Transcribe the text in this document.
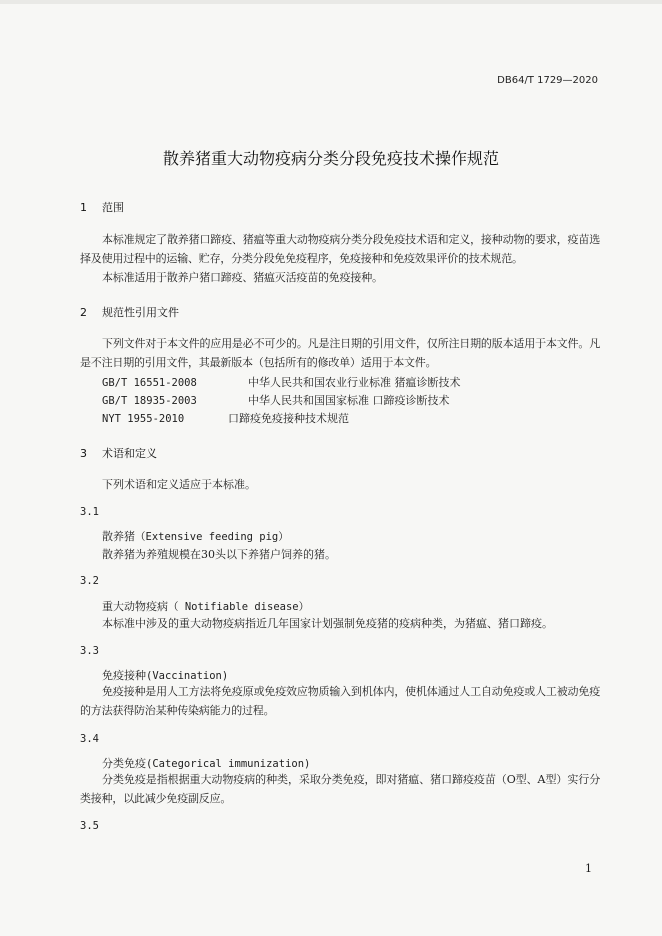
DB64/T 1729—2020
散养猪重大动物疫病分类分段免疫技术操作规范
1 范围

本标准规定了散养猪口蹄疫、猪瘟等重大动物疫病分类分段免疫技术语和定义，接种动物的要求，疫苗选择及使用过程中的运输、贮存，分类分段免免疫程序，免疫接种和免疫效果评价的技术规范。

本标准适用于散养户猪口蹄疫、猪瘟灭活疫苗的免疫接种。

2 规范性引用文件

下列文件对于本文件的应用是必不可少的。凡是注日期的引用文件，仅所注日期的版本适用于本文件。凡是不注日期的引用文件，其最新版本（包括所有的修改单）适用于本文件。

GB/T 16551-2008	中华人民共和国农业行业标准 猪瘟诊断技术
GB/T 18935-2003	中华人民共和国国家标准 口蹄疫诊断技术
NYT 1955-2010	口蹄疫免疫接种技术规范
3 术语和定义
下列术语和定义适应于本标准。
3.1
散养猪（Extensive feeding pig）
散养猪为养殖规模在30头以下养猪户饲养的猪。
3.2
重大动物疫病（ Notifiable disease）
本标准中涉及的重大动物疫病指近几年国家计划强制免疫猪的疫病种类，为猪瘟、猪口蹄疫。
3.3
免疫接种(Vaccination)

免疫接种是用人工方法将免疫原或免疫效应物质输入到机体内，使机体通过人工自动免疫或人工被动免疫的方法获得防治某种传染病能力的过程。

3.4
分类免疫(Categorical immunization)

分类免疫是指根据重大动物疫病的种类，采取分类免疫，即对猪瘟、猪口蹄疫疫苗（O型、A型）实行分类接种，以此减少免疫副反应。

3.5
1
